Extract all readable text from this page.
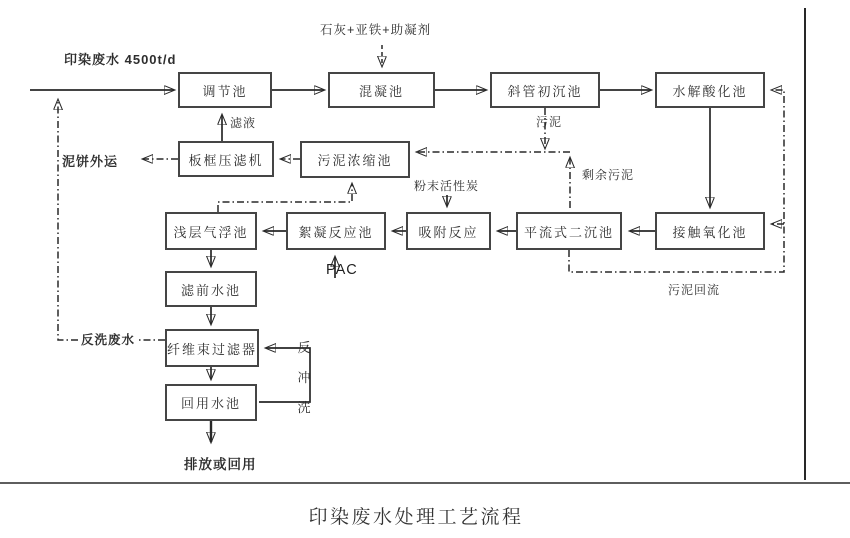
调节池	混凝池	斜管初沉池	水解酸化池
板框压滤机	污泥浓缩池
浅层气浮池	絮凝反应池	吸附反应	平流式二沉池	接触氧化池
滤前水池
纤维束过滤器
回用水池
印染废水 4500t/d
石灰+亚铁+助凝剂
滤液
泥饼外运
污泥
剩余污泥
粉末活性炭
PAC
污泥回流
反洗废水	反冲洗
排放或回用
印染废水处理工艺流程
